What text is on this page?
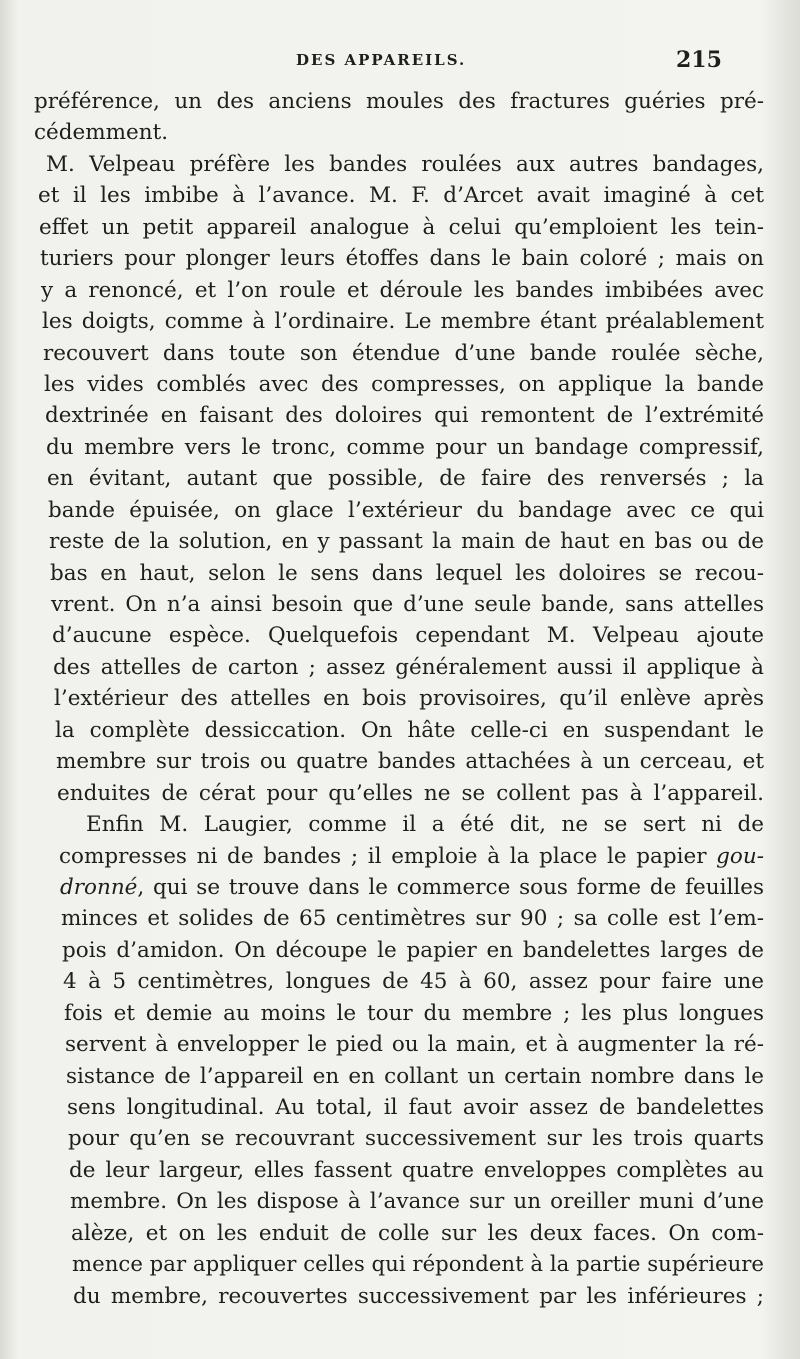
DES APPAREILS.	215
préférence, un des anciens moules des fractures guéries pré-
cédemment.
M. Velpeau préfère les bandes roulées aux autres bandages,
et il les imbibe à l’avance. M. F. d’Arcet avait imaginé à cet
effet un petit appareil analogue à celui qu’emploient les tein-
turiers pour plonger leurs étoffes dans le bain coloré ; mais on
y a renoncé, et l’on roule et déroule les bandes imbibées avec
les doigts, comme à l’ordinaire. Le membre étant préalablement
recouvert dans toute son étendue d’une bande roulée sèche,
les vides comblés avec des compresses, on applique la bande
dextrinée en faisant des doloires qui remontent de l’extrémité
du membre vers le tronc, comme pour un bandage compressif,
en évitant, autant que possible, de faire des renversés ; la
bande épuisée, on glace l’extérieur du bandage avec ce qui
reste de la solution, en y passant la main de haut en bas ou de
bas en haut, selon le sens dans lequel les doloires se recou-
vrent. On n’a ainsi besoin que d’une seule bande, sans attelles
d’aucune espèce. Quelquefois cependant M. Velpeau ajoute
des attelles de carton ; assez généralement aussi il applique à
l’extérieur des attelles en bois provisoires, qu’il enlève après
la complète dessiccation. On hâte celle-ci en suspendant le
membre sur trois ou quatre bandes attachées à un cerceau, et
enduites de cérat pour qu’elles ne se collent pas à l’appareil.
Enfin M. Laugier, comme il a été dit, ne se sert ni de
compresses ni de bandes ; il emploie à la place le papier gou-
dronné, qui se trouve dans le commerce sous forme de feuilles
minces et solides de 65 centimètres sur 90 ; sa colle est l’em-
pois d’amidon. On découpe le papier en bandelettes larges de
4 à 5 centimètres, longues de 45 à 60, assez pour faire une
fois et demie au moins le tour du membre ; les plus longues
servent à envelopper le pied ou la main, et à augmenter la ré-
sistance de l’appareil en en collant un certain nombre dans le
sens longitudinal. Au total, il faut avoir assez de bandelettes
pour qu’en se recouvrant successivement sur les trois quarts
de leur largeur, elles fassent quatre enveloppes complètes au
membre. On les dispose à l’avance sur un oreiller muni d’une
alèze, et on les enduit de colle sur les deux faces. On com-
mence par appliquer celles qui répondent à la partie supérieure
du membre, recouvertes successivement par les inférieures ;
